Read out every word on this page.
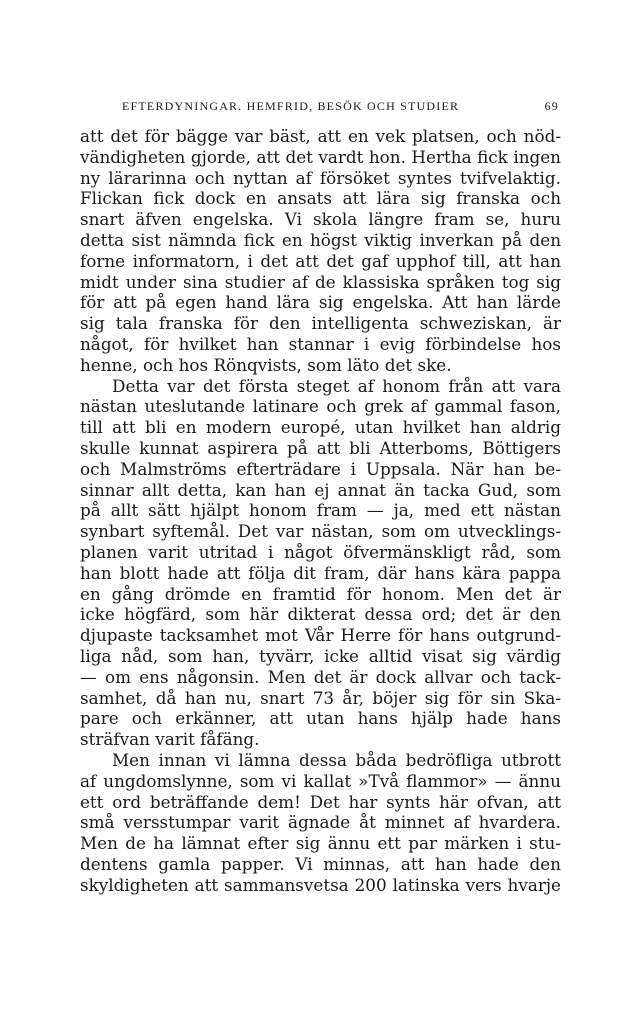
EFTERDYNINGAR. HEMFRID, BESÖK OCH STUDIER	69
att det för bägge var bäst, att en vek platsen, och nöd-
vändigheten gjorde, att det vardt hon. Hertha fick ingen
ny lärarinna och nyttan af försöket syntes tvifvelaktig.
Flickan fick dock en ansats att lära sig franska och
snart äfven engelska. Vi skola längre fram se, huru
detta sist nämnda fick en högst viktig inverkan på den
forne informatorn, i det att det gaf upphof till, att han
midt under sina studier af de klassiska språken tog sig
för att på egen hand lära sig engelska. Att han lärde
sig tala franska för den intelligenta schweziskan, är
något, för hvilket han stannar i evig förbindelse hos
henne, och hos Rönqvists, som läto det ske.
Detta var det första steget af honom från att vara
nästan uteslutande latinare och grek af gammal fason,
till att bli en modern europé, utan hvilket han aldrig
skulle kunnat aspirera på att bli Atterboms, Böttigers
och Malmströms efterträdare i Uppsala. När han be-
sinnar allt detta, kan han ej annat än tacka Gud, som
på allt sätt hjälpt honom fram — ja, med ett nästan
synbart syftemål. Det var nästan, som om utvecklings-
planen varit utritad i något öfvermänskligt råd, som
han blott hade att följa dit fram, där hans kära pappa
en gång drömde en framtid för honom. Men det är
icke högfärd, som här dikterat dessa ord; det är den
djupaste tacksamhet mot Vår Herre för hans outgrund-
liga nåd, som han, tyvärr, icke alltid visat sig värdig
— om ens någonsin. Men det är dock allvar och tack-
samhet, då han nu, snart 73 år, böjer sig för sin Ska-
pare och erkänner, att utan hans hjälp hade hans
sträfvan varit fåfäng.
Men innan vi lämna dessa båda bedröfliga utbrott
af ungdomslynne, som vi kallat »Två flammor» — ännu
ett ord beträffande dem! Det har synts här ofvan, att
små versstumpar varit ägnade åt minnet af hvardera.
Men de ha lämnat efter sig ännu ett par märken i stu-
dentens gamla papper. Vi minnas, att han hade den
skyldigheten att sammansvetsa 200 latinska vers hvarje
